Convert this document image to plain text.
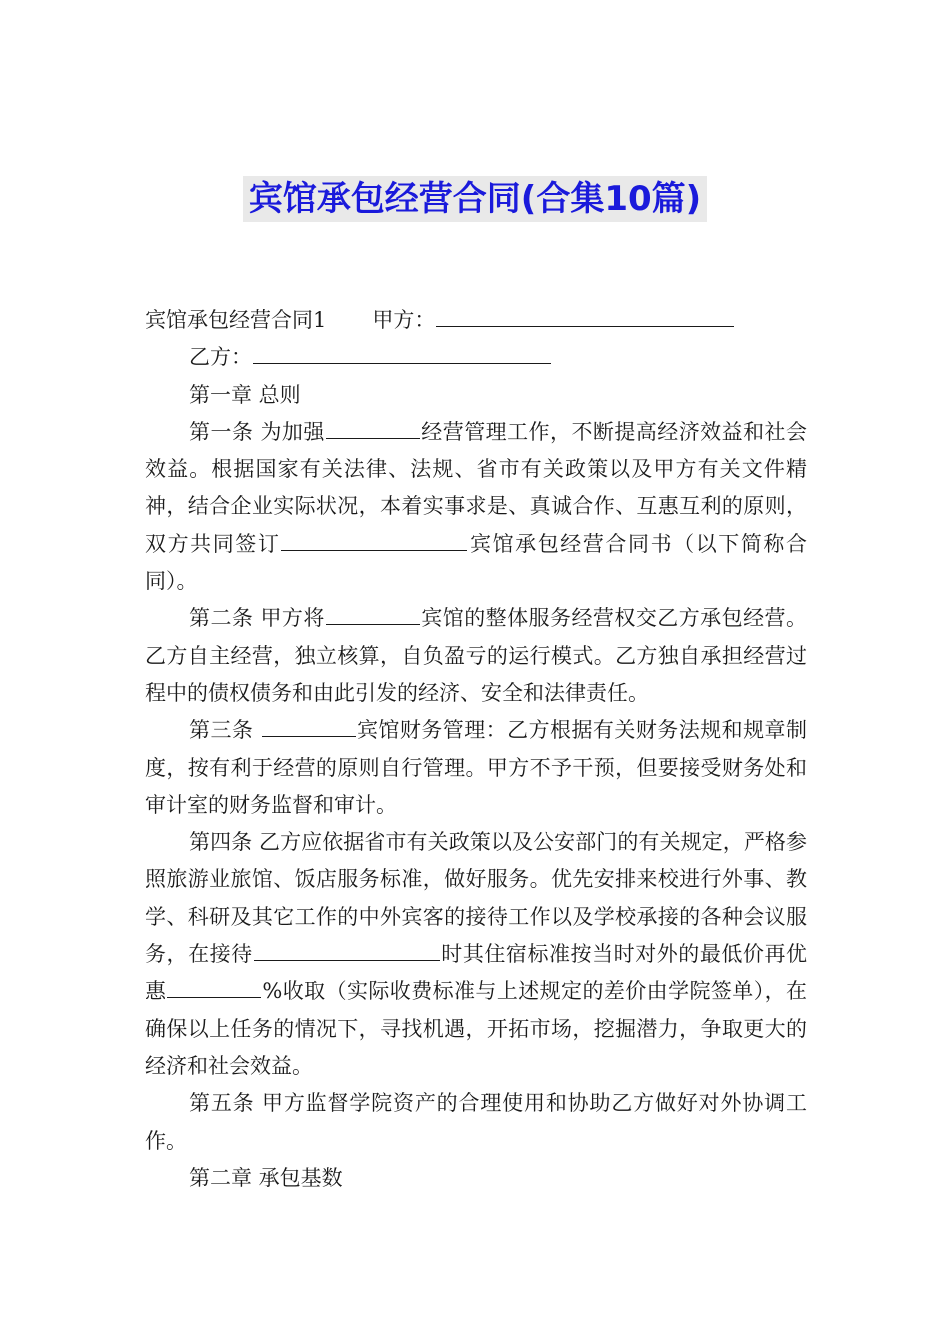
宾馆承包经营合同(合集10篇)
宾馆承包经营合同1 甲方：
乙方：
第一章 总则

第一条 为加强	经营管理工作，不断提高经济效益和社会效益。根据国家有关法律、法规、省市有关政策以及甲方有关文件精神，结合企业实际状况，本着实事求是、真诚合作、互惠互利的原则，双方共同签订	宾馆承包经营合同书（以下简称合同）。

第二条 甲方将	宾馆的整体服务经营权交乙方承包经营。乙方自主经营，独立核算，自负盈亏的运行模式。乙方独自承担经营过程中的债权债务和由此引发的经济、安全和法律责任。

第三条	宾馆财务管理：乙方根据有关财务法规和规章制度，按有利于经营的原则自行管理。甲方不予干预，但要接受财务处和审计室的财务监督和审计。

第四条 乙方应依据省市有关政策以及公安部门的有关规定，严格参照旅游业旅馆、饭店服务标准，做好服务。优先安排来校进行外事、教学、科研及其它工作的中外宾客的接待工作以及学校承接的各种会议服务，在接待	时其住宿标准按当时对外的最低价再优惠	%收取（实际收费标准与上述规定的差价由学院签单），在确保以上任务的情况下，寻找机遇，开拓市场，挖掘潜力，争取更大的经济和社会效益。

第五条 甲方监督学院资产的合理使用和协助乙方做好对外协调工作。

第二章 承包基数
